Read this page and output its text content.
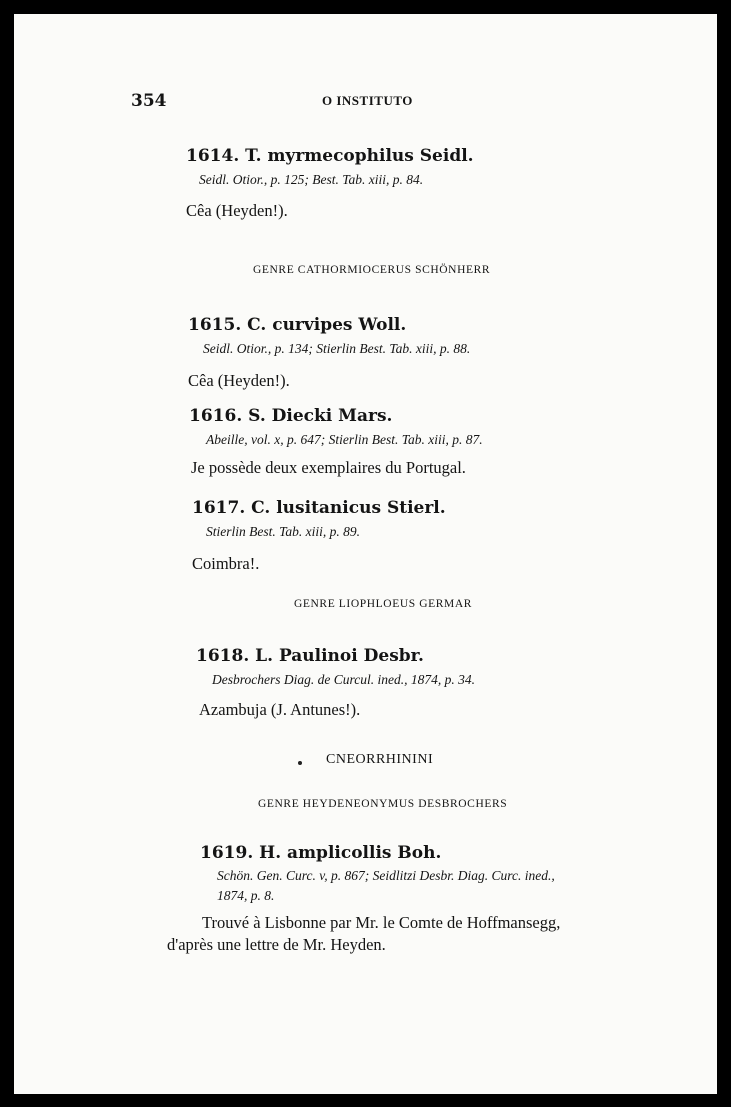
354	O INSTITUTO
1614. T. myrmecophilus Seidl.
Seidl. Otior., p. 125; Best. Tab. xiii, p. 84.
Cêa (Heyden!).
GENRE CATHORMIOCERUS SCHÖNHERR
1615. C. curvipes Woll.
Seidl. Otior., p. 134; Stierlin Best. Tab. xiii, p. 88.
Cêa (Heyden!).
1616. S. Diecki Mars.
Abeille, vol. x, p. 647; Stierlin Best. Tab. xiii, p. 87.
Je possède deux exemplaires du Portugal.
1617. C. lusitanicus Stierl.
Stierlin Best. Tab. xiii, p. 89.
Coimbra!.
GENRE LIOPHLOEUS GERMAR
1618. L. Paulinoi Desbr.
Desbrochers Diag. de Curcul. ined., 1874, p. 34.
Azambuja (J. Antunes!).
CNEORRHININI
GENRE HEYDENEONYMUS DESBROCHERS
1619. H. amplicollis Boh.
Schön. Gen. Curc. v, p. 867; Seidlitzi Desbr. Diag. Curc. ined.,
1874, p. 8.
Trouvé à Lisbonne par Mr. le Comte de Hoffmansegg,
d'après une lettre de Mr. Heyden.
